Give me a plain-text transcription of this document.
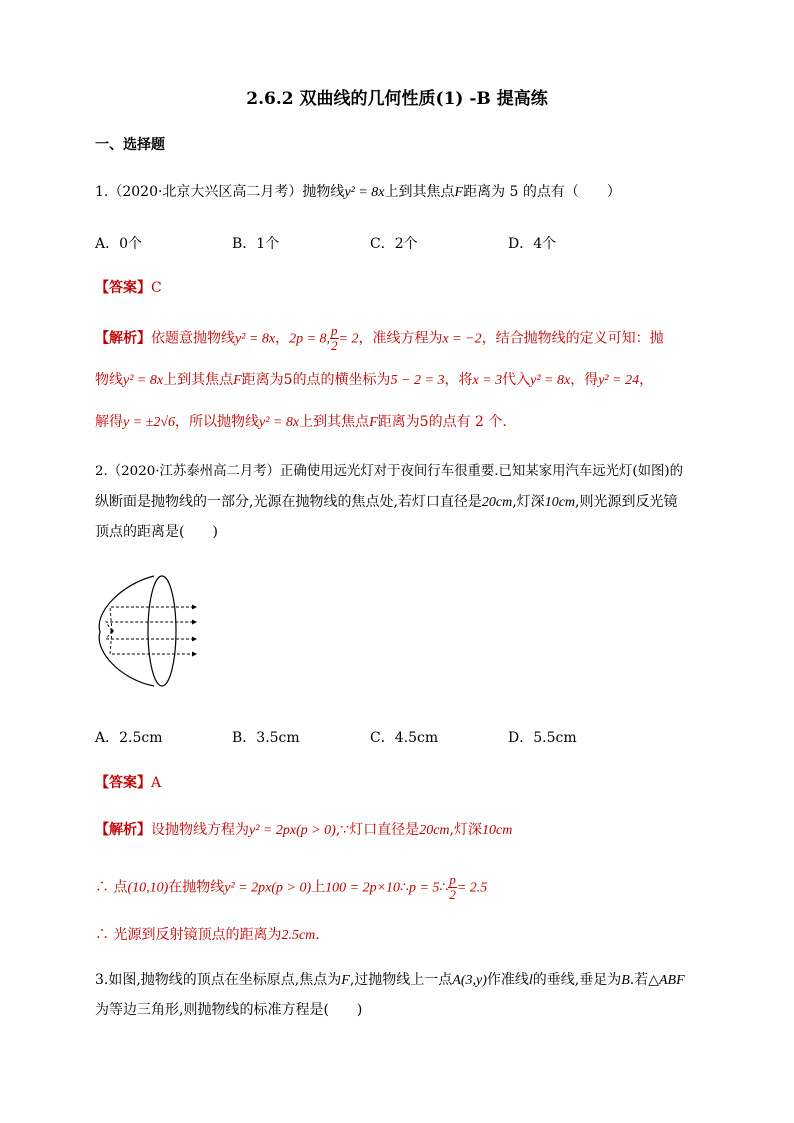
2.6.2 双曲线的几何性质(1) -B 提高练
一、选择题
1.（2020·北京大兴区高二月考）抛物线y² = 8x上到其焦点F距离为 5 的点有（　　）
A．0个	B．1个	C．2个	D．4个
【答案】C
【解析】依题意抛物线y² = 8x，2p = 8, $\frac{p}{2} = 2$，准线方程为x = −2，结合抛物线的定义可知：抛
物线y² = 8x上到其焦点F距离为5的点的横坐标为5 − 2 = 3，将x = 3代入y² = 8x，得y² = 24，
解得y = ±2√6，所以抛物线y² = 8x上到其焦点F距离为5的点有 2 个.
2.（2020·江苏泰州高二月考）正确使用远光灯对于夜间行车很重要.已知某家用汽车远光灯(如图)的
纵断面是抛物线的一部分,光源在抛物线的焦点处,若灯口直径是20cm,灯深10cm,则光源到反光镜
顶点的距离是(　　)
A．2.5cm	B．3.5cm	C．4.5cm	D．5.5cm
【答案】A
【解析】设抛物线方程为y² = 2px(p > 0),∵灯口直径是20cm,灯深10cm
∴ 点(10,10)在抛物线y² = 2px(p > 0)上100 = 2p×10∴p = 5∴ $\frac{p}{2} = 2.5$
∴ 光源到反射镜顶点的距离为2.5cm.
3.如图,抛物线的顶点在坐标原点,焦点为F,过抛物线上一点A(3,y)作准线l的垂线,垂足为B.若△ABF
为等边三角形,则抛物线的标准方程是(　　)
